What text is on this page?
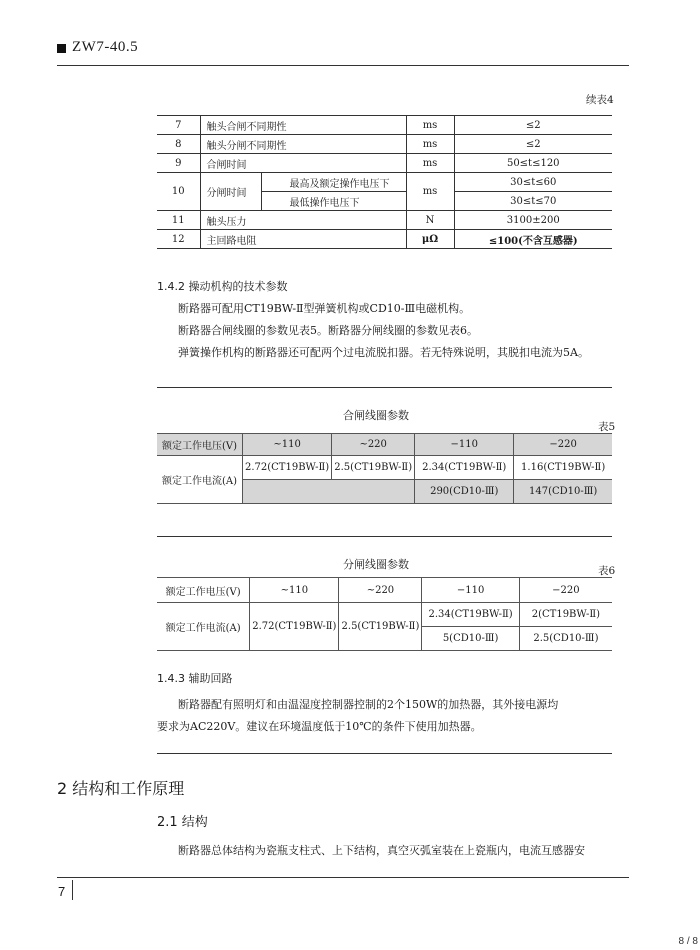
ZW7-40.5
续表4
7	触头合闸不同期性		ms	≤2
8	触头分闸不同期性		ms	≤2
9	合闸时间		ms	50≤t≤120
10	分闸时间	最高及额定操作电压下	ms	30≤t≤60
		最低操作电压下		30≤t≤70
11	触头压力		N	3100±200
12	主回路电阻		μΩ	≤100(不含互感器)
1.4.2 操动机构的技术参数
断路器可配用CT19BW-Ⅱ型弹簧机构或CD10-Ⅲ电磁机构。
断路器合闸线圈的参数见表5。断路器分闸线圈的参数见表6。
弹簧操作机构的断路器还可配两个过电流脱扣器。若无特殊说明，其脱扣电流为5A。
合闸线圈参数
表5
额定工作电压(V)	~110	~220	−110	−220
额定工作电流(A)	2.72(CT19BW-Ⅱ)	2.5(CT19BW-Ⅱ)	2.34(CT19BW-Ⅱ)	1.16(CT19BW-Ⅱ)
			290(CD10-Ⅲ)	147(CD10-Ⅲ)
分闸线圈参数	表6
额定工作电压(V)	~110	~220	−110	−220
额定工作电流(A)	2.72(CT19BW-Ⅱ)	2.5(CT19BW-Ⅱ)	2.34(CT19BW-Ⅱ)	2(CT19BW-Ⅱ)
			5(CD10-Ⅲ)	2.5(CD10-Ⅲ)
1.4.3 辅助回路
断路器配有照明灯和由温湿度控制器控制的2个150W的加热器，其外接电源均
要求为AC220V。建议在环境温度低于10℃的条件下使用加热器。
2 结构和工作原理
2.1 结构
断路器总体结构为瓷瓶支柱式、上下结构，真空灭弧室装在上瓷瓶内，电流互感器安
7
8 / 8
